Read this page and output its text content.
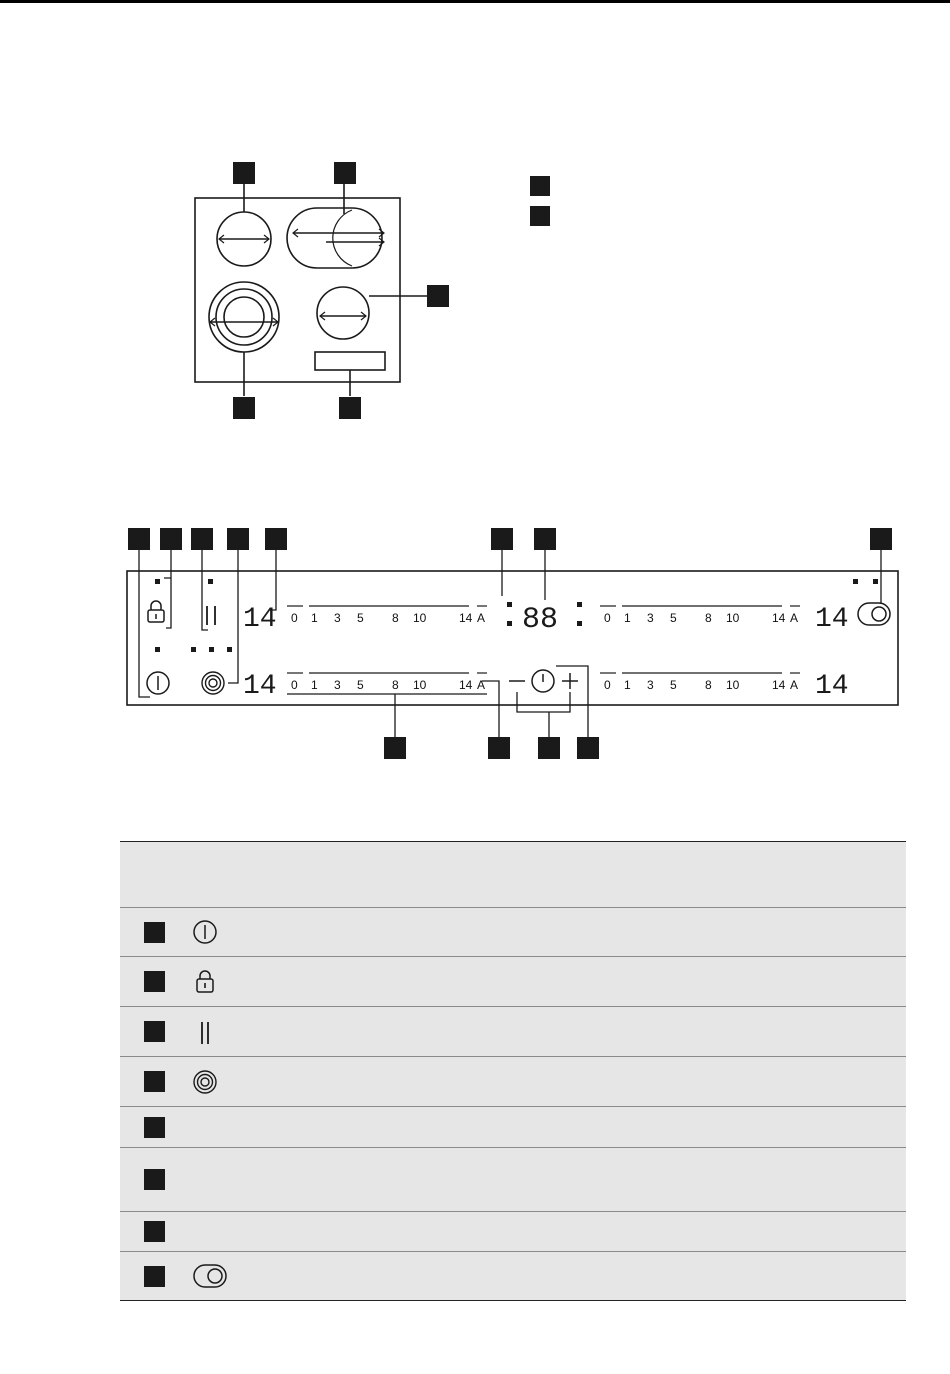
88
14
14
14
14
0 1 3 5 8 10	14 A
0 1 3 5 8 10	14 A
0 1 3 5 8 10	14 A
0 1 3 5 8 10	14 A
